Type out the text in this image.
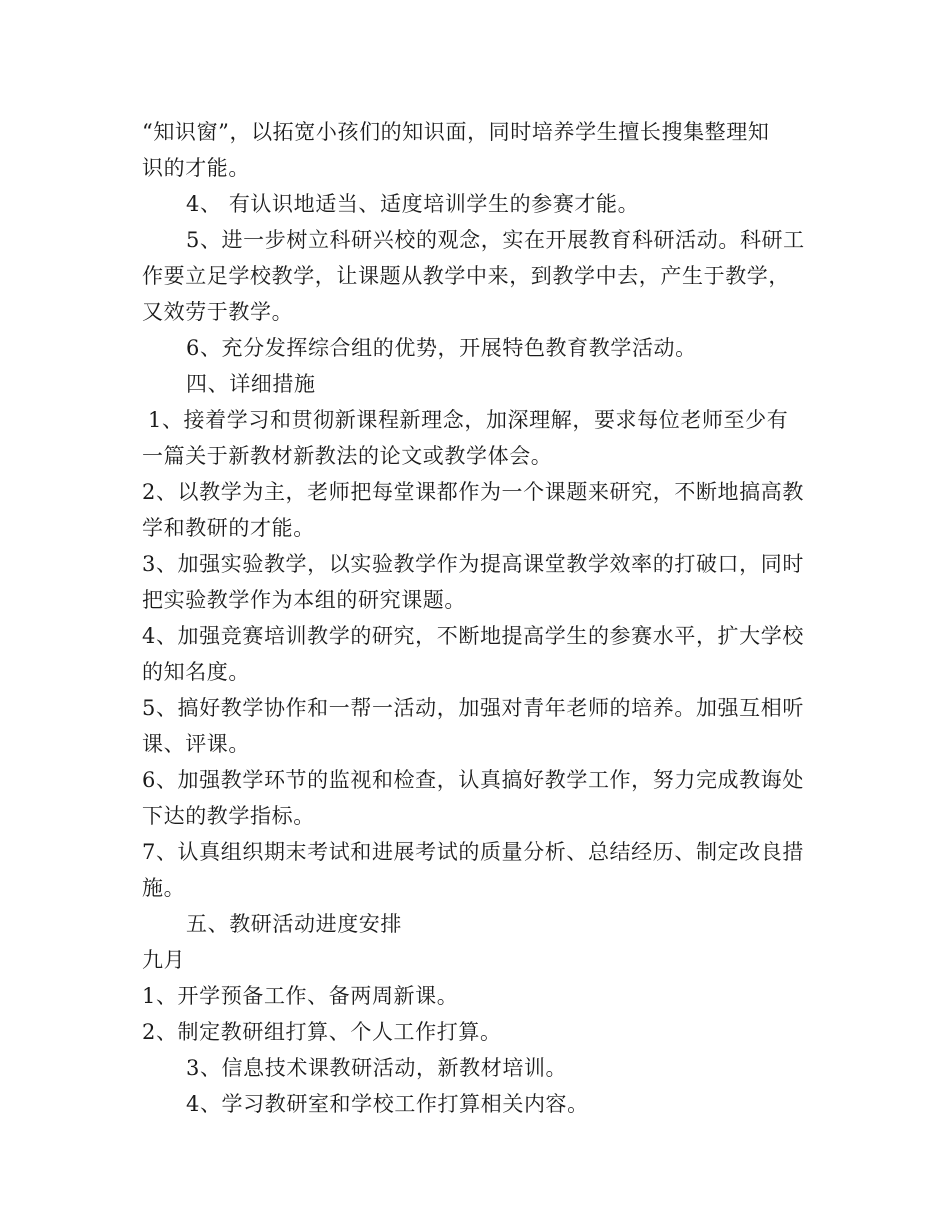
“知识窗”，以拓宽小孩们的知识面，同时培养学生擅长搜集整理知
识的才能。
4、 有认识地适当、适度培训学生的参赛才能。
5、进一步树立科研兴校的观念，实在开展教育科研活动。科研工
作要立足学校教学，让课题从教学中来，到教学中去，产生于教学，
又效劳于教学。
6、充分发挥综合组的优势，开展特色教育教学活动。
四、详细措施
1、接着学习和贯彻新课程新理念，加深理解，要求每位老师至少有
一篇关于新教材新教法的论文或教学体会。
2、以教学为主，老师把每堂课都作为一个课题来研究，不断地搞高教
学和教研的才能。
3、加强实验教学，以实验教学作为提高课堂教学效率的打破口，同时
把实验教学作为本组的研究课题。
4、加强竞赛培训教学的研究，不断地提高学生的参赛水平，扩大学校
的知名度。
5、搞好教学协作和一帮一活动，加强对青年老师的培养。加强互相听
课、评课。
6、加强教学环节的监视和检查，认真搞好教学工作，努力完成教诲处
下达的教学指标。
7、认真组织期末考试和进展考试的质量分析、总结经历、制定改良措
施。
五、教研活动进度安排
九月
1、开学预备工作、备两周新课。
2、制定教研组打算、个人工作打算。
3、信息技术课教研活动，新教材培训。
4、学习教研室和学校工作打算相关内容。
